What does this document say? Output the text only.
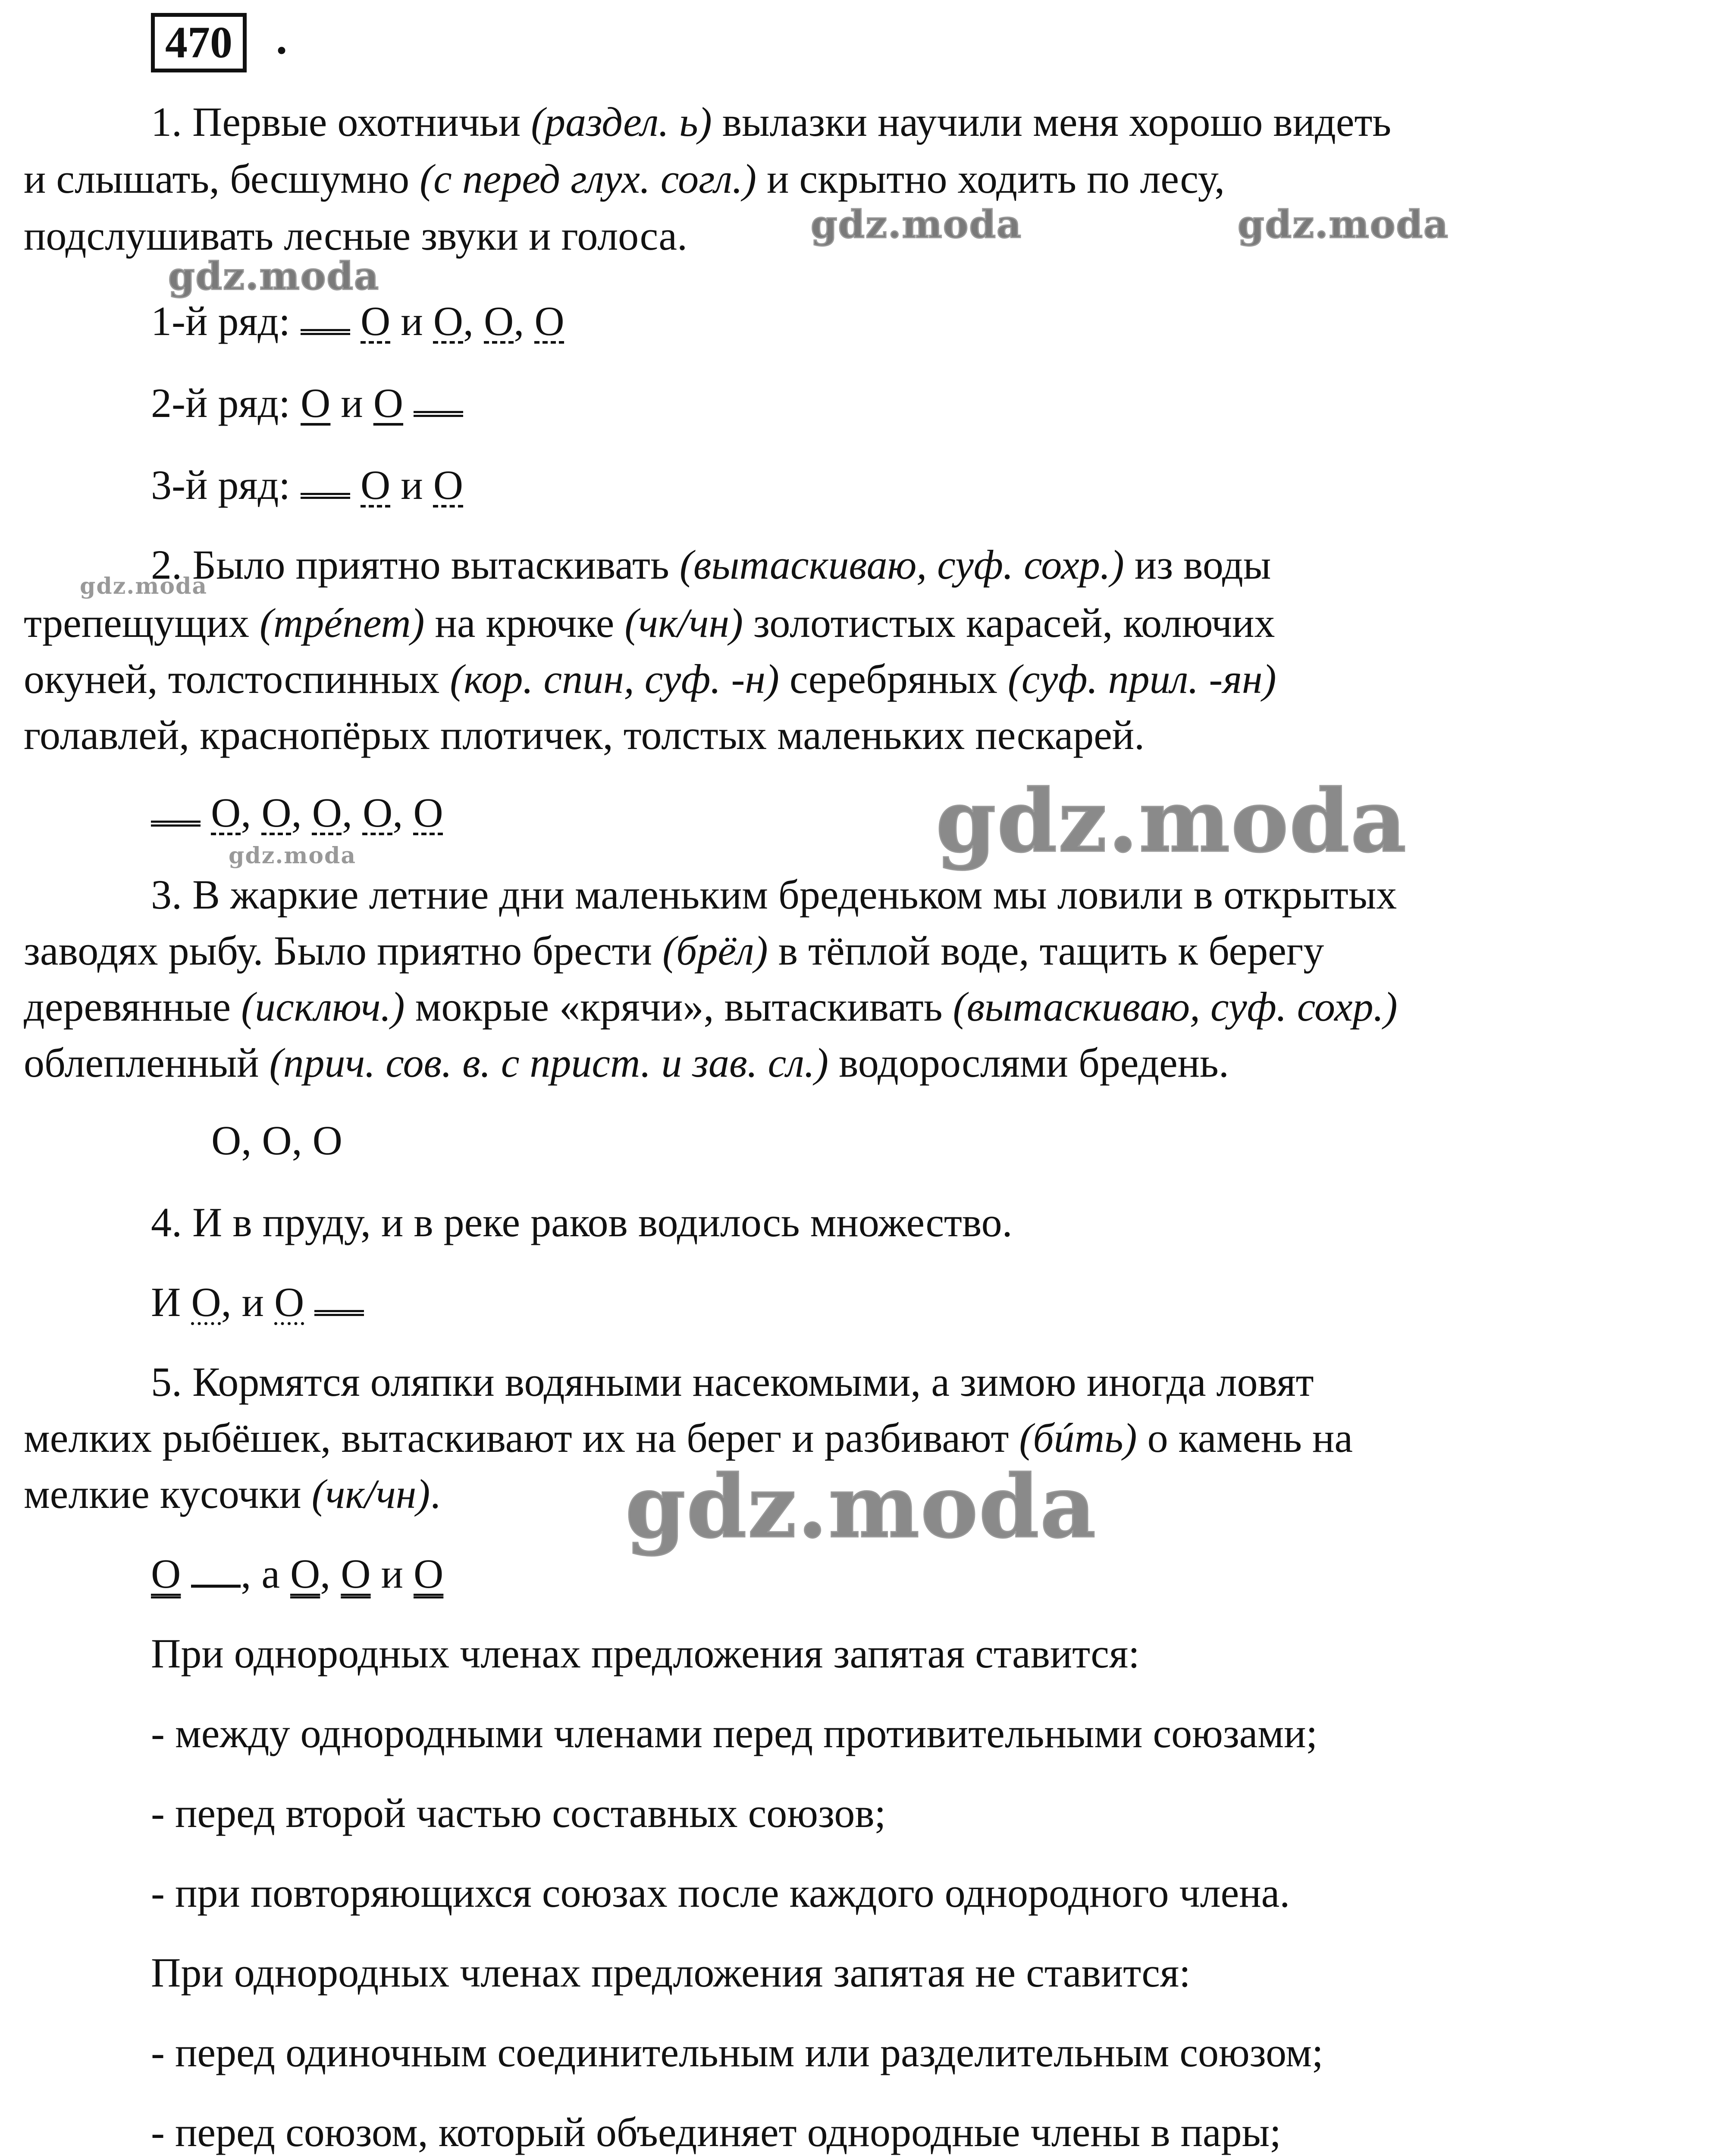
470 .
1. Первые охотничьи (раздел. ь) вылазки научили меня хорошо видеть
и слышать, бесшумно (с перед глух. согл.) и скрытно ходить по лесу,
подслушивать лесные звуки и голоса.
1-й ряд:  О и О, О, О
2-й ряд: О и О
3-й ряд:  О и О
2. Было приятно вытаскивать (вытаскиваю, суф. сохр.) из воды
трепещущих (трéпет) на крючке (чк/чн) золотистых карасей, колючих
окуней, толстоспинных (кор. спин, суф. -н) серебряных (суф. прил. -ян)
голавлей, краснопёрых плотичек, толстых маленьких пескарей.
О, О, О, О, О
3. В жаркие летние дни маленьким бреденьком мы ловили в открытых
заводях рыбу. Было приятно брести (брёл) в тёплой воде, тащить к берегу
деревянные (исключ.) мокрые «крячи», вытаскивать (вытаскиваю, суф. сохр.)
облепленный (прич. сов. в. с прист. и зав. сл.) водорослями бредень.
О, О, О
4. И в пруду, и в реке раков водилось множество.
И О, и О
5. Кормятся оляпки водяными насекомыми, а зимою иногда ловят
мелких рыбёшек, вытаскивают их на берег и разбивают (бúть) о камень на
мелкие кусочки (чк/чн).
О , а О, О и О
При однородных членах предложения запятая ставится:
- между однородными членами перед противительными союзами;
- перед второй частью составных союзов;
- при повторяющихся союзах после каждого однородного члена.
При однородных членах предложения запятая не ставится:
- перед одиночным соединительным или разделительным союзом;
- перед союзом, который объединяет однородные члены в пары;
gdz.moda
gdz.moda
gdz.moda	gdz.moda
gdz.moda
gdz.moda
gdz.moda
